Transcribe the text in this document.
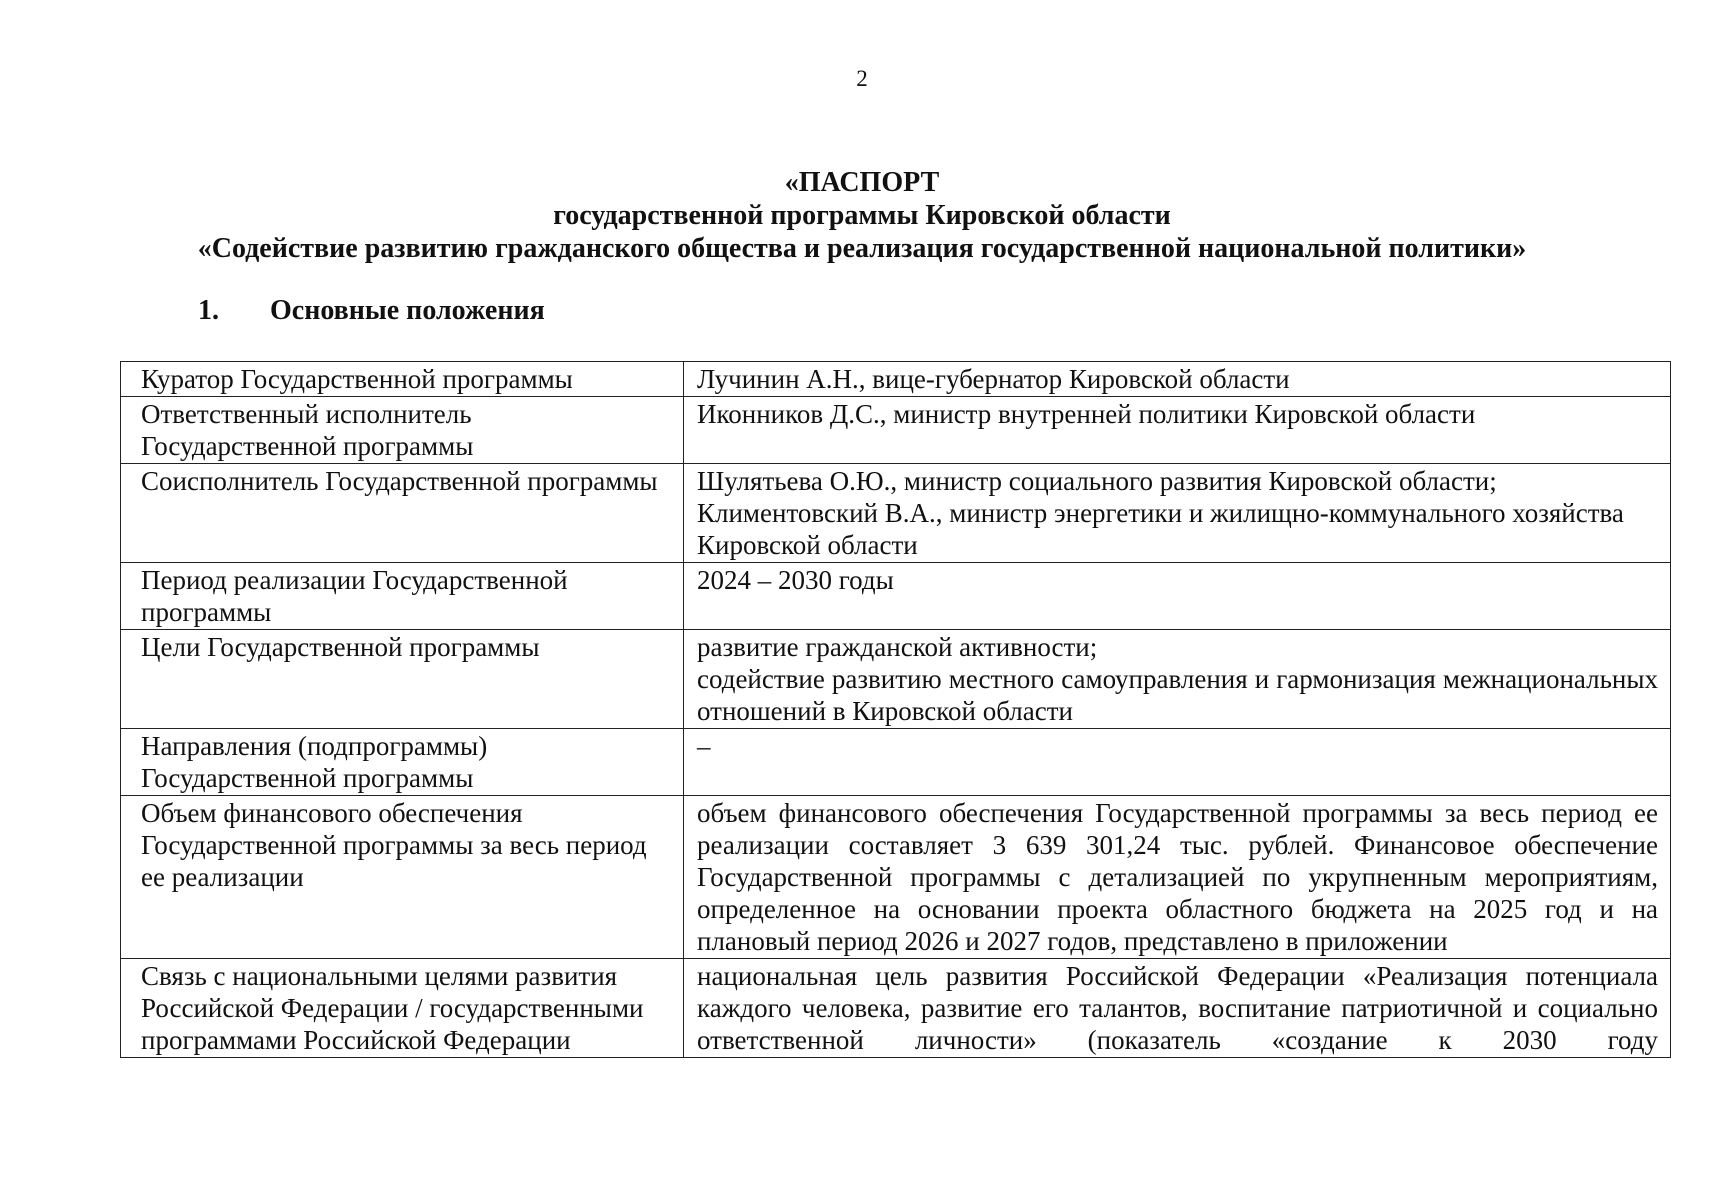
2
«ПАСПОРТ
государственной программы Кировской области
«Содействие развитию гражданского общества и реализация государственной национальной политики»
1. Основные положения
Куратор Государственной программы	Лучинин А.Н., вице-губернатор Кировской области

Ответственный исполнитель Государственной программы	Иконников Д.С., министр внутренней политики Кировской области

Соисполнитель Государственной программы	Шулятьева О.Ю., министр социального развития Кировской области;
Климентовский В.А., министр энергетики и жилищно-коммунального хозяйства Кировской области

Период реализации Государственной программы	2024 – 2030 годы

Цели Государственной программы	развитие гражданской активности;
содействие развитию местного самоуправления и гармонизация межнациональных отношений в Кировской области

Направления (подпрограммы) Государственной программы	–

Объем финансового обеспечения Государственной программы за весь период ее реализации	объем финансового обеспечения Государственной программы за весь период ее реализации составляет 3 639 301,24 тыс. рублей. Финансовое обеспечение Государственной программы с детализацией по укрупненным мероприятиям, определенное на основании проекта областного бюджета на 2025 год и на плановый период 2026 и 2027 годов, представлено в приложении

Связь с национальными целями развития Российской Федерации / государственными программами Российской Федерации	национальная цель развития Российской Федерации «Реализация потенциала каждого человека, развитие его талантов, воспитание патриотичной и социально ответственной личности» (показатель «создание к 2030 году
